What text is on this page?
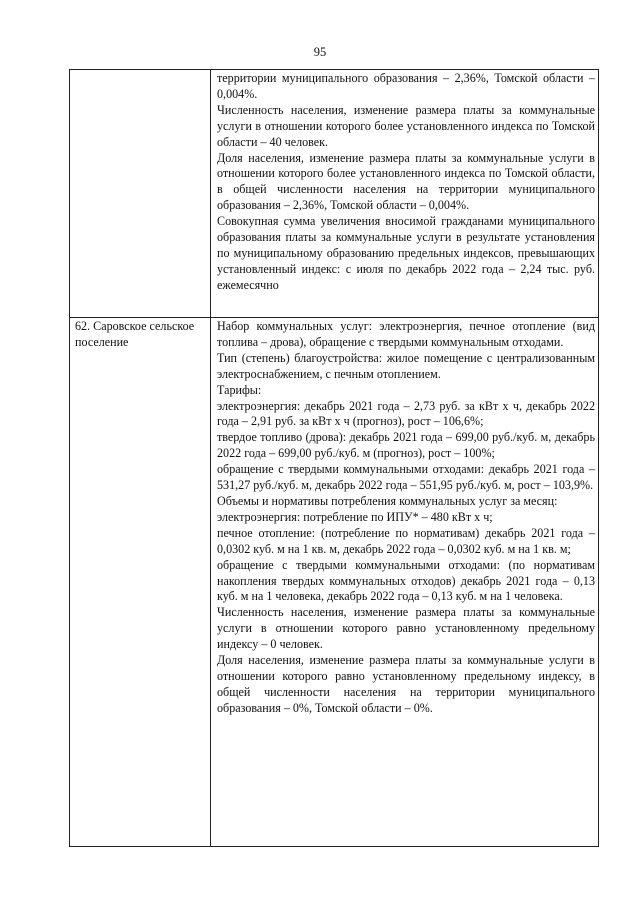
95

территории муниципального образования – 2,36%, Томской области – 0,004%.

Численность населения, изменение размера платы за коммунальные услуги в отношении которого более установленного индекса по Томской области – 40 человек.

Доля населения, изменение размера платы за коммунальные услуги в отношении которого более установленного индекса по Томской области, в общей численности населения на территории муниципального образования – 2,36%, Томской области – 0,004%.

Совокупная сумма увеличения вносимой гражданами муниципального образования платы за коммунальные услуги в результате установления по муниципальному образованию предельных индексов, превышающих установленный индекс: с июля по декабрь 2022 года – 2,24 тыс. руб. ежемесячно

62. Саровское сельское поселение

Набор коммунальных услуг: электроэнергия, печное отопление (вид топлива – дрова), обращение с твердыми коммунальным отходами.

Тип (степень) благоустройства: жилое помещение с централизованным электроснабжением, с печным отоплением.

Тарифы:

электроэнергия: декабрь 2021 года – 2,73 руб. за кВт x ч, декабрь 2022 года – 2,91 руб. за кВт x ч (прогноз), рост – 106,6%;

твердое топливо (дрова): декабрь 2021 года – 699,00 руб./куб. м, декабрь 2022 года – 699,00 руб./куб. м (прогноз), рост – 100%;

обращение с твердыми коммунальными отходами: декабрь 2021 года – 531,27 руб./куб. м, декабрь 2022 года – 551,95 руб./куб. м, рост – 103,9%.

Объемы и нормативы потребления коммунальных услуг за месяц:

электроэнергия: потребление по ИПУ* – 480 кВт x ч;

печное отопление: (потребление по нормативам) декабрь 2021 года – 0,0302 куб. м на 1 кв. м, декабрь 2022 года – 0,0302 куб. м на 1 кв. м;

обращение с твердыми коммунальными отходами: (по нормативам накопления твердых коммунальных отходов) декабрь 2021 года – 0,13 куб. м на 1 человека, декабрь 2022 года – 0,13 куб. м на 1 человека.

Численность населения, изменение размера платы за коммунальные услуги в отношении которого равно установленному предельному индексу – 0 человек.

Доля населения, изменение размера платы за коммунальные услуги в отношении которого равно установленному предельному индексу, в общей численности населения на территории муниципального образования – 0%, Томской области – 0%.
